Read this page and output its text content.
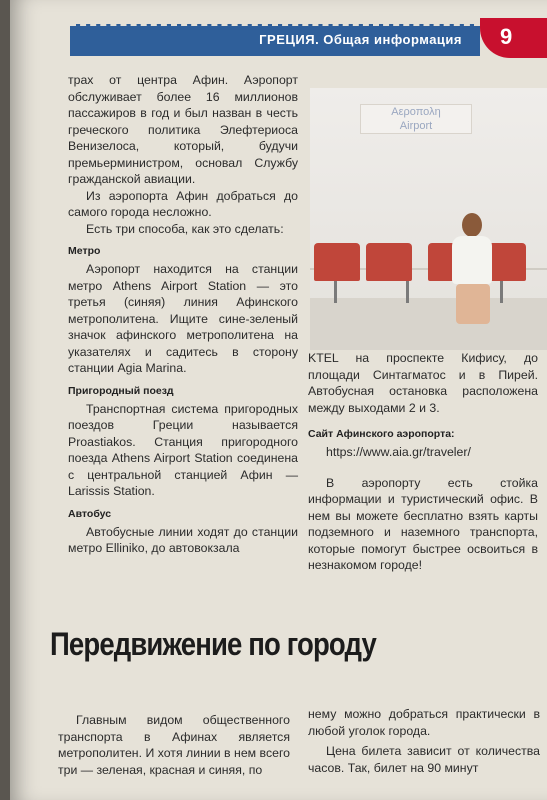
ГРЕЦИЯ. Общая информация 9

трах от центра Афин. Аэропорт обслуживает более 16 миллионов пассажиров в год и был назван в честь греческого политика Элефтериоса Венизелоса, который, будучи премьерминистром, основал Службу гражданской авиации.

Из аэропорта Афин добраться до самого города несложно.

Есть три способа, как это сделать:

Метро

Аэропорт находится на станции метро Athens Airport Station — это третья (синяя) линия Афинского метрополитена. Ищите сине-зеленый значок афинского метрополитена на указателях и садитесь в сторону станции Agia Marina.

Пригородный поезд

Транспортная система пригородных поездов Греции называется Proastiakos. Станция пригородного поезда Athens Airport Station соединена с центральной станцией Афин — Larissis Station.

Автобус

Автобусные линии ходят до станции метро Elliniko, до автовокзала

Αεροπολη
Airport

KTEL на проспекте Кифису, до площади Синтагматос и в Пирей. Автобусная остановка расположена между выходами 2 и 3.

Сайт Афинского аэропорта:

https://www.aia.gr/traveler/

В аэропорту есть стойка информации и туристический офис. В нем вы можете бесплатно взять карты подземного и наземного транспорта, которые помогут быстрее освоиться в незнакомом городе!

Передвижение по городу

Главным видом общественного транспорта в Афинах является метрополитен. И хотя линии в нем всего три — зеленая, красная и синяя, по

нему можно добраться практически в любой уголок города.

Цена билета зависит от количества часов. Так, билет на 90 минут
